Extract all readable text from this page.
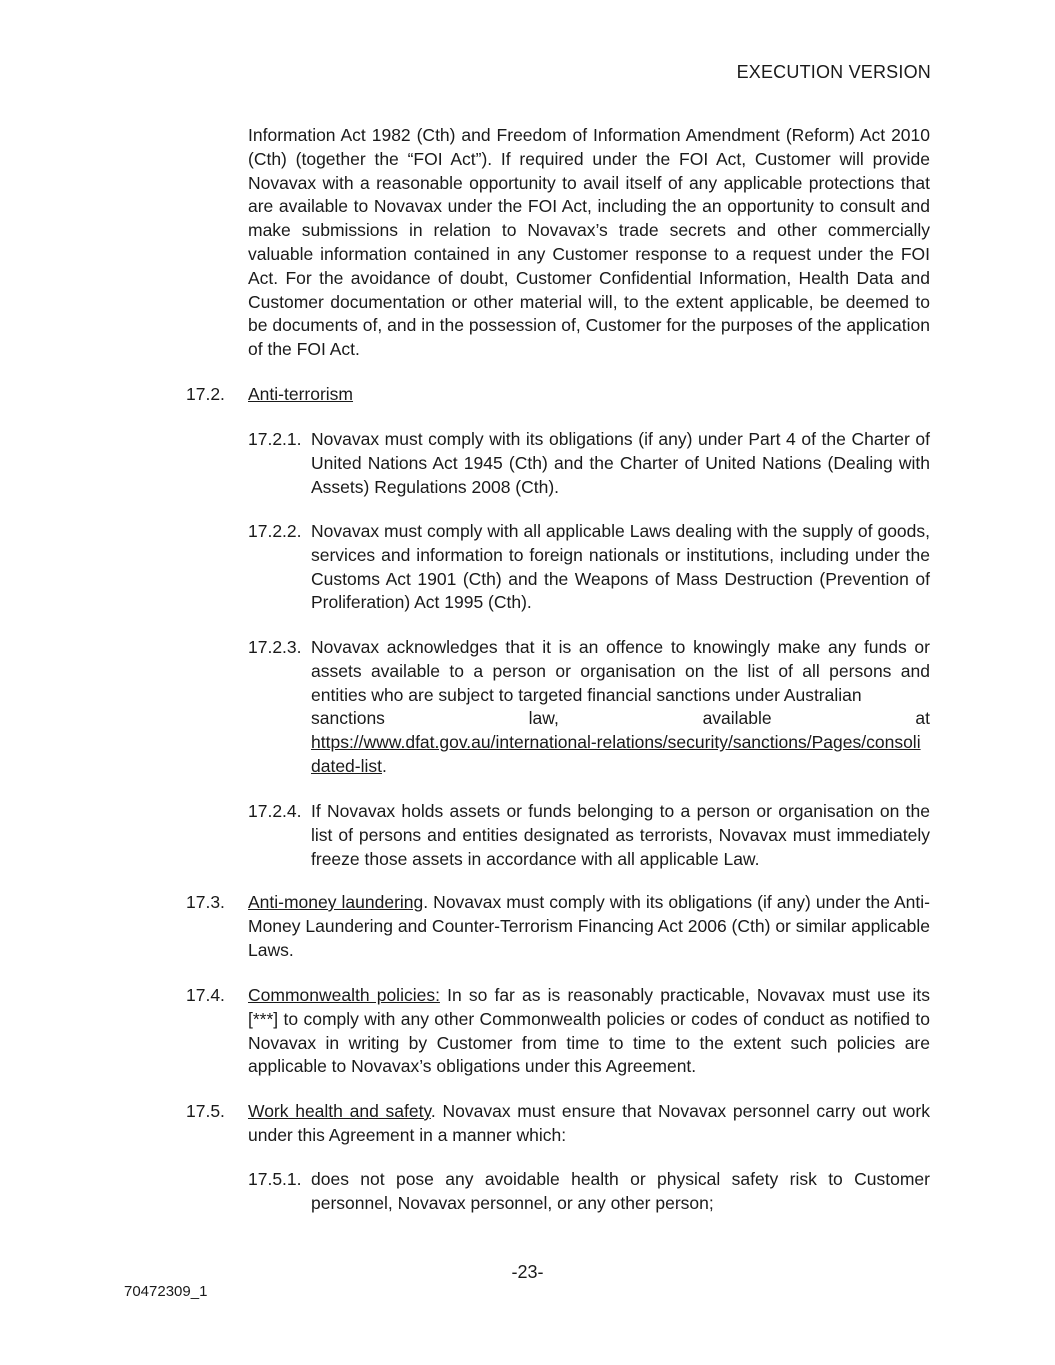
EXECUTION VERSION
Information Act 1982 (Cth) and Freedom of Information Amendment (Reform) Act 2010 (Cth) (together the “FOI Act”). If required under the FOI Act, Customer will provide Novavax with a reasonable opportunity to avail itself of any applicable protections that are available to Novavax under the FOI Act, including the an opportunity to consult and make submissions in relation to Novavax’s trade secrets and other commercially valuable information contained in any Customer response to a request under the FOI Act. For the avoidance of doubt, Customer Confidential Information, Health Data and Customer documentation or other material will, to the extent applicable, be deemed to be documents of, and in the possession of, Customer for the purposes of the application of the FOI Act.
17.2. Anti-terrorism
17.2.1. Novavax must comply with its obligations (if any) under Part 4 of the Charter of United Nations Act 1945 (Cth) and the Charter of United Nations (Dealing with Assets) Regulations 2008 (Cth).
17.2.2. Novavax must comply with all applicable Laws dealing with the supply of goods, services and information to foreign nationals or institutions, including under the Customs Act 1901 (Cth) and the Weapons of Mass Destruction (Prevention of Proliferation) Act 1995 (Cth).
17.2.3. Novavax acknowledges that it is an offence to knowingly make any funds or assets available to a person or organisation on the list of all persons and entities who are subject to targeted financial sanctions under Australian
sanctions	law,	available	at
https://www.dfat.gov.au/international-relations/security/sanctions/Pages/consolidated-list.
17.2.4. If Novavax holds assets or funds belonging to a person or organisation on the list of persons and entities designated as terrorists, Novavax must immediately freeze those assets in accordance with all applicable Law.
17.3. Anti-money laundering. Novavax must comply with its obligations (if any) under the Anti-Money Laundering and Counter-Terrorism Financing Act 2006 (Cth) or similar applicable Laws.
17.4. Commonwealth policies: In so far as is reasonably practicable, Novavax must use its [***] to comply with any other Commonwealth policies or codes of conduct as notified to Novavax in writing by Customer from time to time to the extent such policies are applicable to Novavax’s obligations under this Agreement.
17.5. Work health and safety. Novavax must ensure that Novavax personnel carry out work under this Agreement in a manner which:
17.5.1. does not pose any avoidable health or physical safety risk to Customer personnel, Novavax personnel, or any other person;
-23-
70472309_1
